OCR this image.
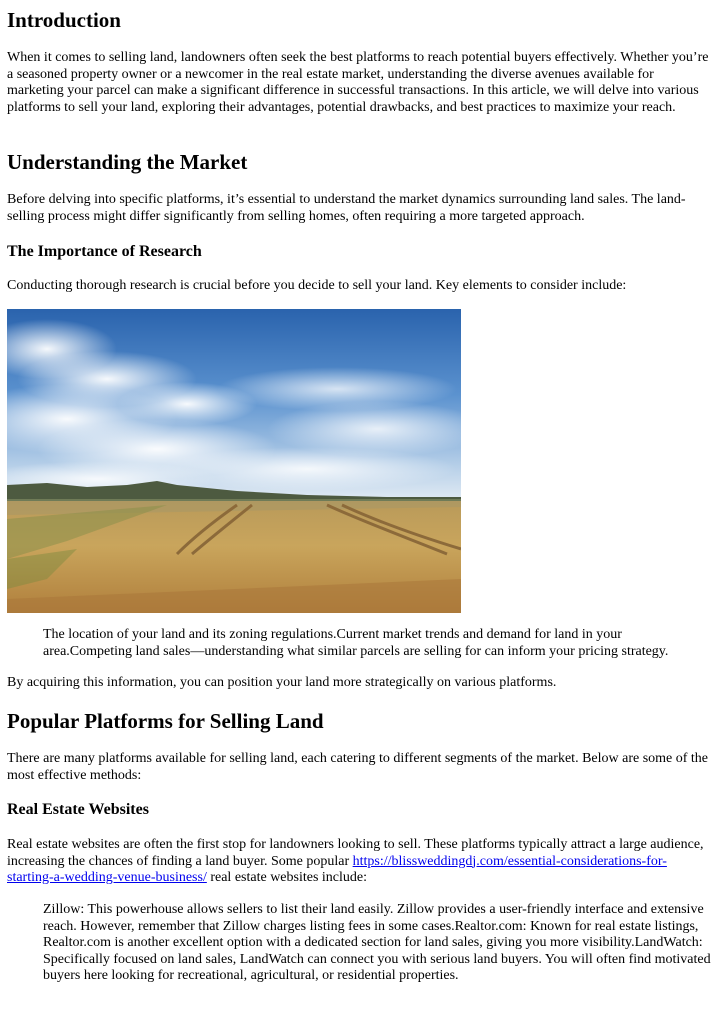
Introduction

When it comes to selling land, landowners often seek the best platforms to reach potential buyers effectively. Whether you’re a seasoned property owner or a newcomer in the real estate market, understanding the diverse avenues available for marketing your parcel can make a significant difference in successful transactions. In this article, we will delve into various platforms to sell your land, exploring their advantages, potential drawbacks, and best practices to maximize your reach.

Understanding the Market

Before delving into specific platforms, it’s essential to understand the market dynamics surrounding land sales. The land-selling process might differ significantly from selling homes, often requiring a more targeted approach.

The Importance of Research

Conducting thorough research is crucial before you decide to sell your land. Key elements to consider include:

The location of your land and its zoning regulations.Current market trends and demand for land in your area.Competing land sales—understanding what similar parcels are selling for can inform your pricing strategy.

By acquiring this information, you can position your land more strategically on various platforms.

Popular Platforms for Selling Land

There are many platforms available for selling land, each catering to different segments of the market. Below are some of the most effective methods:

Real Estate Websites

Real estate websites are often the first stop for landowners looking to sell. These platforms typically attract a large audience, increasing the chances of finding a land buyer. Some popular https://blissweddingdj.com/essential-considerations-for-starting-a-wedding-venue-business/ real estate websites include:

Zillow: This powerhouse allows sellers to list their land easily. Zillow provides a user-friendly interface and extensive reach. However, remember that Zillow charges listing fees in some cases.Realtor.com: Known for real estate listings, Realtor.com is another excellent option with a dedicated section for land sales, giving you more visibility.LandWatch: Specifically focused on land sales, LandWatch can connect you with serious land buyers. You will often find motivated buyers here looking for recreational, agricultural, or residential properties.
